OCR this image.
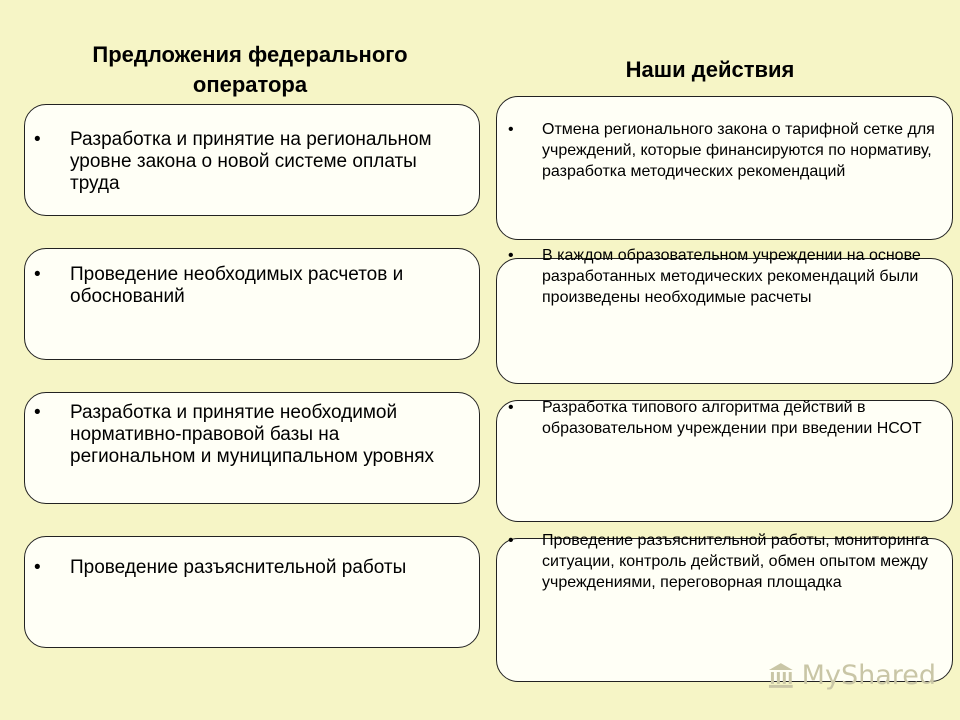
Предложения федерального оператора
Наши действия
• Разработка и принятие на региональном уровне закона о новой системе оплаты труда
• Проведение необходимых расчетов и обоснований
• Разработка и принятие необходимой нормативно-правовой базы на региональном и муниципальном уровнях
• Проведение разъяснительной работы
• Отмена регионального закона о тарифной сетке для учреждений, которые финансируются по нормативу, разработка методических рекомендаций
• В каждом образовательном учреждении на основе разработанных методических рекомендаций были произведены необходимые расчеты
• Разработка типового алгоритма действий в образовательном учреждении при введении НСОТ
• Проведение разъяснительной работы, мониторинга ситуации, контроль действий, обмен опытом между учреждениями, переговорная площадка
MyShared
